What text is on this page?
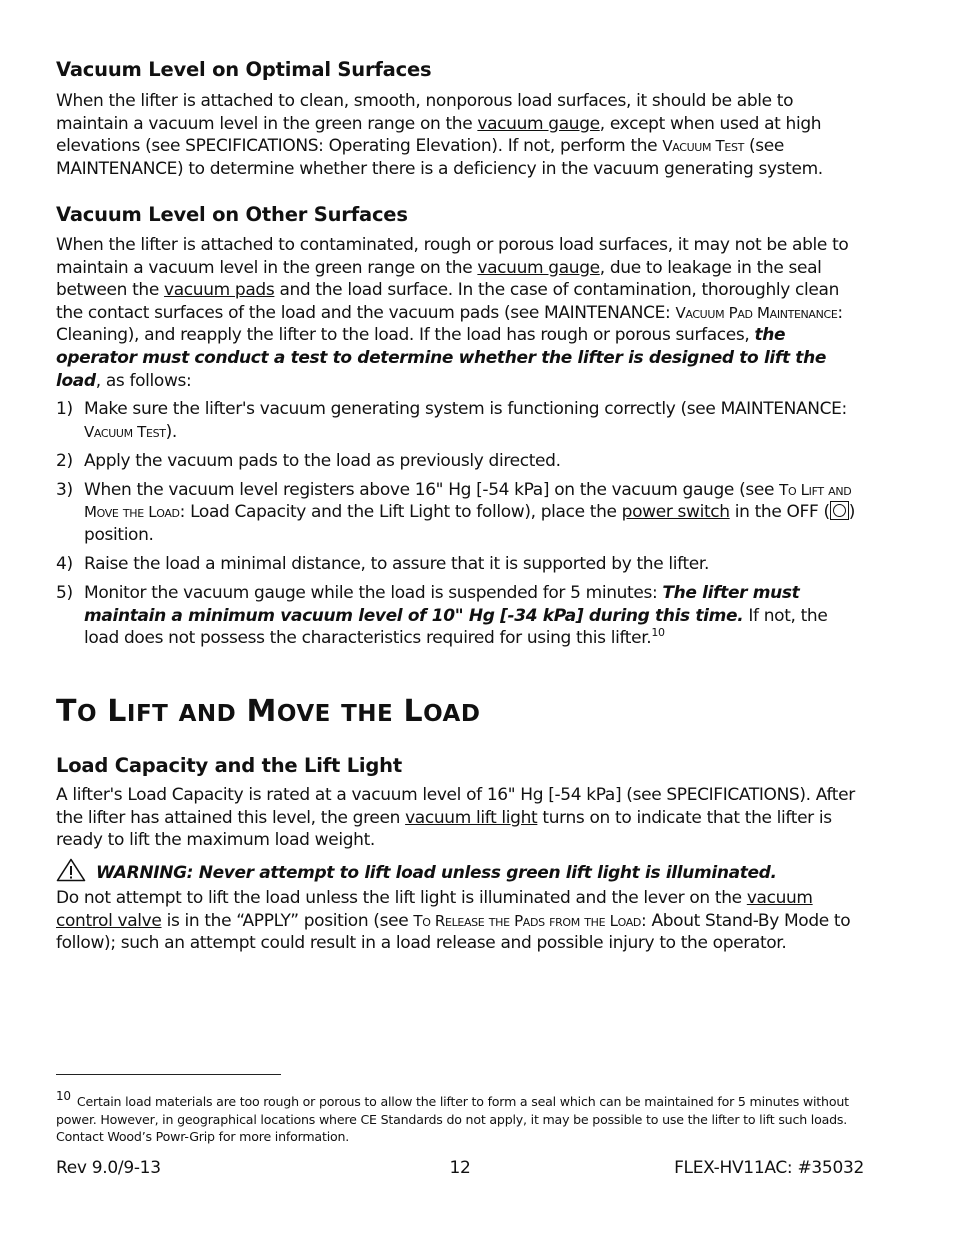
Vacuum Level on Optimal Surfaces

When the lifter is attached to clean, smooth, nonporous load surfaces, it should be able to maintain a vacuum level in the green range on the vacuum gauge, except when used at high elevations (see SPECIFICATIONS: Operating Elevation). If not, perform the Vacuum Test (see MAINTENANCE) to determine whether there is a deficiency in the vacuum generating system.

Vacuum Level on Other Surfaces

When the lifter is attached to contaminated, rough or porous load surfaces, it may not be able to maintain a vacuum level in the green range on the vacuum gauge, due to leakage in the seal between the vacuum pads and the load surface. In the case of contamination, thoroughly clean the contact surfaces of the load and the vacuum pads (see MAINTENANCE: Vacuum Pad Maintenance: Cleaning), and reapply the lifter to the load. If the load has rough or porous surfaces, the operator must conduct a test to determine whether the lifter is designed to lift the load, as follows:

1) Make sure the lifter's vacuum generating system is functioning correctly (see MAINTENANCE: Vacuum Test).
2) Apply the vacuum pads to the load as previously directed.
3) When the vacuum level registers above 16" Hg [-54 kPa] on the vacuum gauge (see To Lift and Move the Load: Load Capacity and the Lift Light to follow), place the power switch in the OFF ( ) position.
4) Raise the load a minimal distance, to assure that it is supported by the lifter.
5) Monitor the vacuum gauge while the load is suspended for 5 minutes: The lifter must maintain a minimum vacuum level of 10" Hg [-34 kPa] during this time. If not, the load does not possess the characteristics required for using this lifter.$^{10}$
TO LIFT AND MOVE THE LOAD
Load Capacity and the Lift Light

A lifter's Load Capacity is rated at a vacuum level of 16" Hg [-54 kPa] (see SPECIFICATIONS). After the lifter has attained this level, the green vacuum lift light turns on to indicate that the lifter is ready to lift the maximum load weight.

WARNING: Never attempt to lift load unless green lift light is illuminated.

Do not attempt to lift the load unless the lift light is illuminated and the lever on the vacuum control valve is in the “APPLY” position (see To Release the Pads from the Load: About Stand-By Mode to follow); such an attempt could result in a load release and possible injury to the operator.

10 Certain load materials are too rough or porous to allow the lifter to form a seal which can be maintained for 5 minutes without power. However, in geographical locations where CE Standards do not apply, it may be possible to use the lifter to lift such loads. Contact Wood’s Powr-Grip for more information.
Rev 9.0/9-13	12	FLEX-HV11AC: #35032
